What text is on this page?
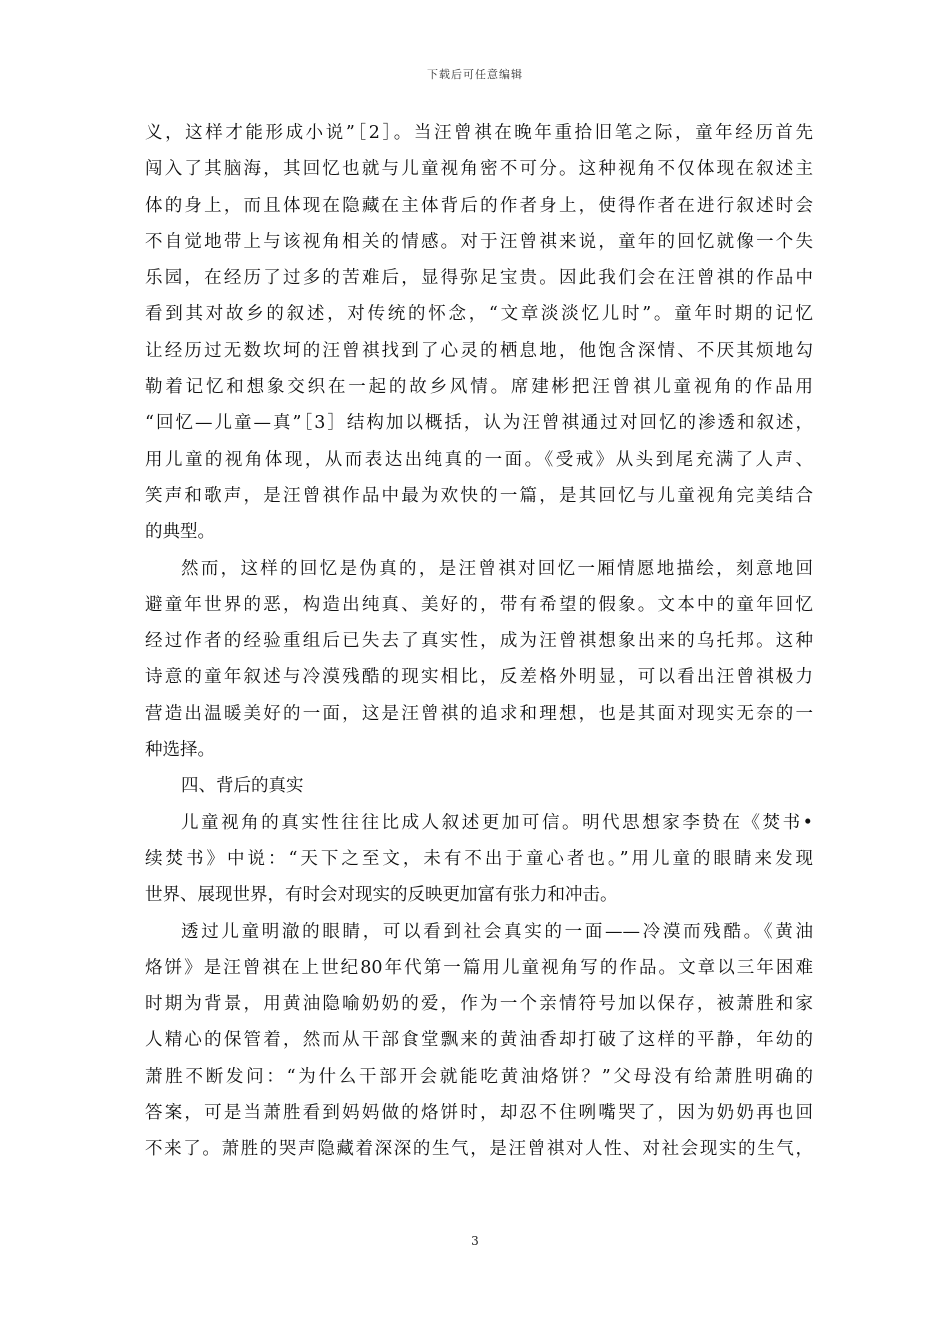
下载后可任意编辑
义，这样才能形成小说”［2］。当汪曾祺在晚年重拾旧笔之际，童年经历首先
闯入了其脑海，其回忆也就与儿童视角密不可分。这种视角不仅体现在叙述主
体的身上，而且体现在隐藏在主体背后的作者身上，使得作者在进行叙述时会
不自觉地带上与该视角相关的情感。对于汪曾祺来说，童年的回忆就像一个失
乐园，在经历了过多的苦难后，显得弥足宝贵。因此我们会在汪曾祺的作品中
看到其对故乡的叙述，对传统的怀念，“文章淡淡忆儿时”。童年时期的记忆
让经历过无数坎坷的汪曾祺找到了心灵的栖息地，他饱含深情、不厌其烦地勾
勒着记忆和想象交织在一起的故乡风情。席建彬把汪曾祺儿童视角的作品用
“回忆—儿童—真”［3］结构加以概括，认为汪曾祺通过对回忆的渗透和叙述，
用儿童的视角体现，从而表达出纯真的一面。《受戒》从头到尾充满了人声、
笑声和歌声，是汪曾祺作品中最为欢快的一篇，是其回忆与儿童视角完美结合
的典型。
然而，这样的回忆是伪真的，是汪曾祺对回忆一厢情愿地描绘，刻意地回
避童年世界的恶，构造出纯真、美好的，带有希望的假象。文本中的童年回忆
经过作者的经验重组后已失去了真实性，成为汪曾祺想象出来的乌托邦。这种
诗意的童年叙述与冷漠残酷的现实相比，反差格外明显，可以看出汪曾祺极力
营造出温暖美好的一面，这是汪曾祺的追求和理想，也是其面对现实无奈的一
种选择。
四、背后的真实
儿童视角的真实性往往比成人叙述更加可信。明代思想家李贽在《焚书•
续焚书》中说：“天下之至文，未有不出于童心者也。”用儿童的眼睛来发现
世界、展现世界，有时会对现实的反映更加富有张力和冲击。
透过儿童明澈的眼睛，可以看到社会真实的一面——冷漠而残酷。《黄油
烙饼》是汪曾祺在上世纪80年代第一篇用儿童视角写的作品。文章以三年困难
时期为背景，用黄油隐喻奶奶的爱，作为一个亲情符号加以保存，被萧胜和家
人精心的保管着，然而从干部食堂飘来的黄油香却打破了这样的平静，年幼的
萧胜不断发问：“为什么干部开会就能吃黄油烙饼？”父母没有给萧胜明确的
答案，可是当萧胜看到妈妈做的烙饼时，却忍不住咧嘴哭了，因为奶奶再也回
不来了。萧胜的哭声隐藏着深深的生气，是汪曾祺对人性、对社会现实的生气，
3
